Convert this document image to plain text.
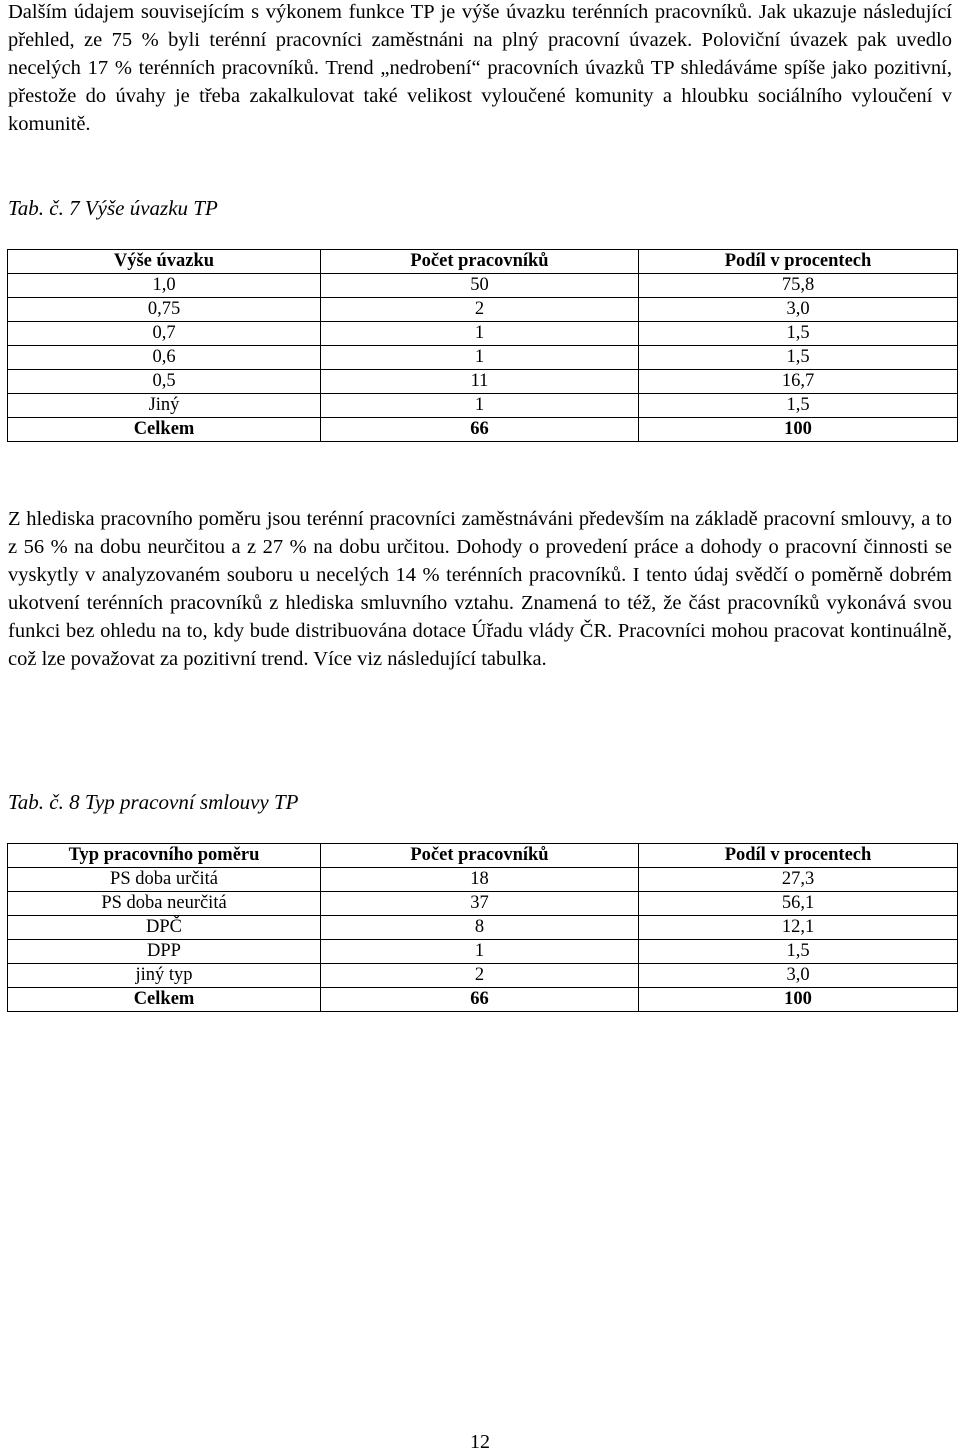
Dalším údajem souvisejícím s výkonem funkce TP je výše úvazku terénních pracovníků. Jak ukazuje následující přehled, ze 75 % byli terénní pracovníci zaměstnáni na plný pracovní úvazek. Poloviční úvazek pak uvedlo necelých 17 % terénních pracovníků. Trend „nedrobení“ pracovních úvazků TP shledáváme spíše jako pozitivní, přestože do úvahy je třeba zakalkulovat také velikost vyloučené komunity a hloubku sociálního vyloučení v komunitě.

Tab. č. 7 Výše úvazku TP

Výše úvazku	Počet pracovníků	Podíl v procentech
1,0	50	75,8
0,75	2	3,0
0,7	1	1,5
0,6	1	1,5
0,5	11	16,7
Jiný	1	1,5
Celkem	66	100

Z hlediska pracovního poměru jsou terénní pracovníci zaměstnáváni především na základě pracovní smlouvy, a to z 56 % na dobu neurčitou a z 27 % na dobu určitou. Dohody o provedení práce a dohody o pracovní činnosti se vyskytly v analyzovaném souboru u necelých 14 % terénních pracovníků. I tento údaj svědčí o poměrně dobrém ukotvení terénních pracovníků z hlediska smluvního vztahu. Znamená to též, že část pracovníků vykonává svou funkci bez ohledu na to, kdy bude distribuována dotace Úřadu vlády ČR. Pracovníci mohou pracovat kontinuálně, což lze považovat za pozitivní trend. Více viz následující tabulka.

Tab. č. 8 Typ pracovní smlouvy TP

Typ pracovního poměru	Počet pracovníků	Podíl v procentech
PS doba určitá	18	27,3
PS doba neurčitá	37	56,1
DPČ	8	12,1
DPP	1	1,5
jiný typ	2	3,0
Celkem	66	100

12
